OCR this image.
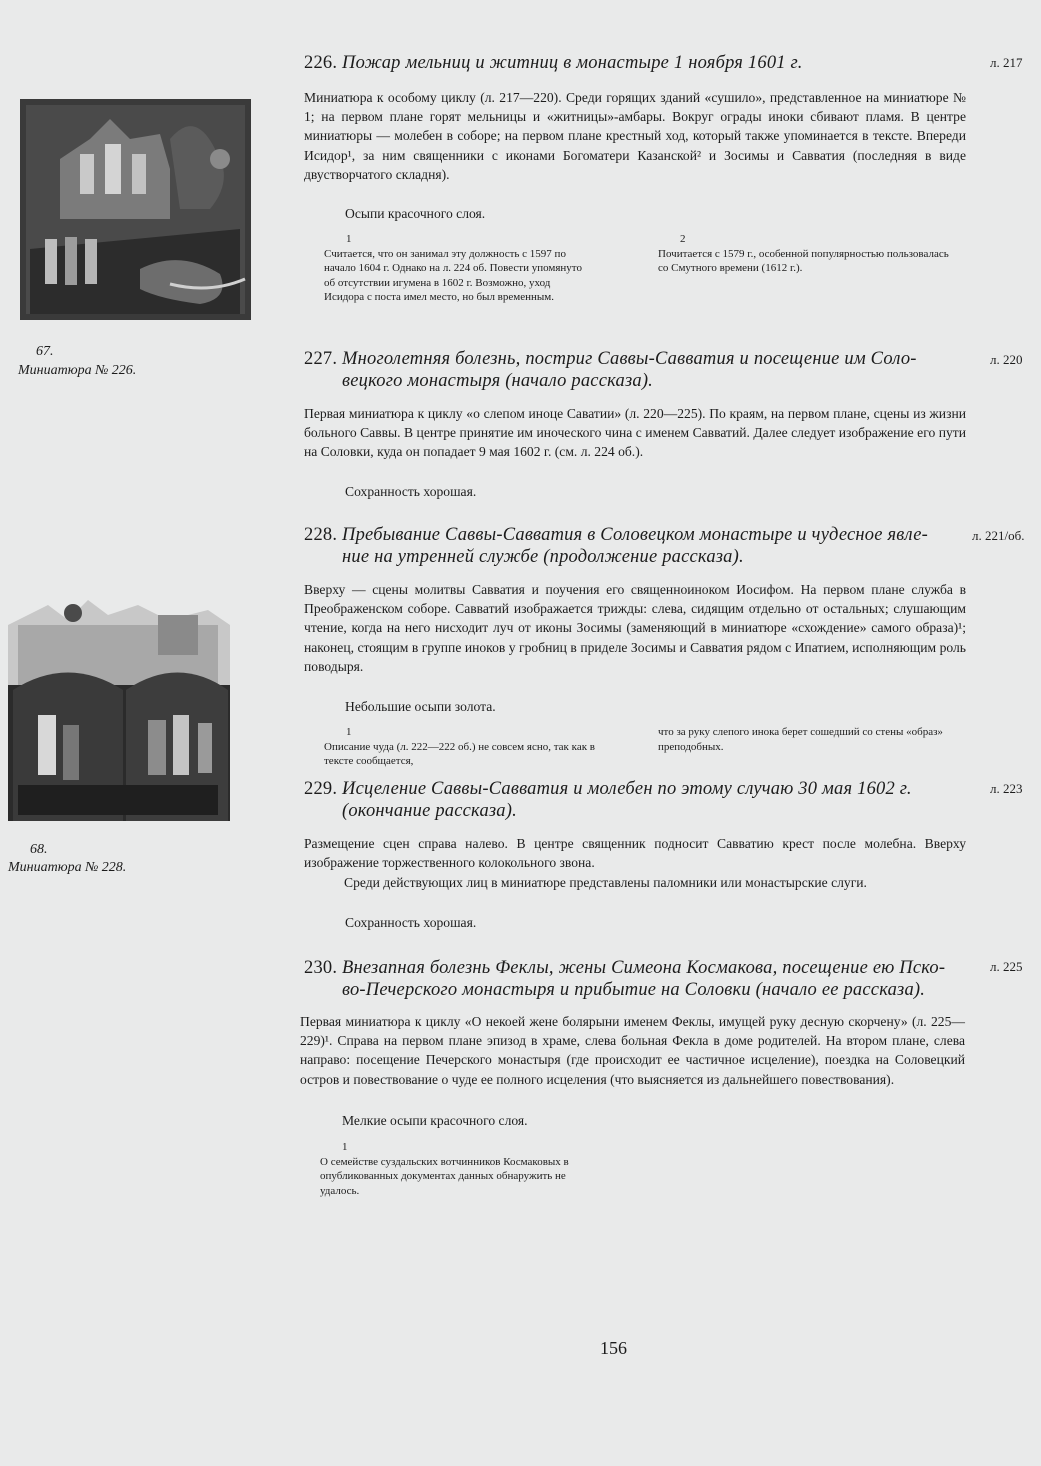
67.
Миниатюра № 226.
68.
Миниатюра № 228.
226. Пожар мельниц и житниц в монастыре 1 ноября 1601 г.	л. 217
Миниатюра к особому циклу (л. 217—220). Среди горящих зданий «сушило», представленное на миниатюре № 1; на первом плане горят мельницы и «житницы»-амбары. Вокруг ограды иноки сбивают пламя. В центре миниатюры — молебен в соборе; на первом плане крестный ход, который также упоминается в тексте. Впереди Исидор¹, за ним священники с иконами Богоматери Казанской² и Зосимы и Савватия (последняя в виде двустворчатого складня).
Осыпи красочного слоя.
1
Считается, что он занимал эту должность с 1597 по начало 1604 г. Однако на л. 224 об. Повести упомянуто об отсутствии игумена в 1602 г. Возможно, уход Исидора с поста имел место, но был временным.
2
Почитается с 1579 г., особенной популярностью пользовалась со Смутного времени (1612 г.).
227. Многолетняя болезнь, постриг Саввы-Савватия и посещение им Соло-
вецкого монастыря (начало рассказа).
л. 220
Первая миниатюра к циклу «о слепом иноце Саватии» (л. 220—225). По краям, на первом плане, сцены из жизни больного Саввы. В центре принятие им иноческого чина с именем Савватий. Далее следует изображение его пути на Соловки, куда он попадает 9 мая 1602 г. (см. л. 224 об.).
Сохранность хорошая.
228. Пребывание Саввы-Савватия в Соловецком монастыре и чудесное явле-
ние на утренней службе (продолжение рассказа).
л. 221/об.
Вверху — сцены молитвы Савватия и поучения его священноиноком Иосифом. На первом плане служба в Преображенском соборе. Савватий изображается трижды: слева, сидящим отдельно от остальных; слушающим чтение, когда на него нисходит луч от иконы Зосимы (заменяющий в миниатюре «схождение» самого образа)¹; наконец, стоящим в группе иноков у гробниц в приделе Зосимы и Савватия рядом с Ипатием, исполняющим роль поводыря.
Небольшие осыпи золота.
1
Описание чуда (л. 222—222 об.) не совсем ясно, так как в тексте сообщается,
что за руку слепого инока берет сошедший со стены «образ» преподобных.
229. Исцеление Саввы-Савватия и молебен по этому случаю 30 мая 1602 г.
(окончание рассказа).
л. 223
Размещение сцен справа налево. В центре священник подносит Савватию крест после молебна. Вверху изображение торжественного колокольного звона.
Среди действующих лиц в миниатюре представлены паломники или монастырские слуги.
Сохранность хорошая.
230. Внезапная болезнь Феклы, жены Симеона Космакова, посещение ею Пско-
во-Печерского монастыря и прибытие на Соловки (начало ее рассказа).
л. 225
Первая миниатюра к циклу «О некоей жене болярыни именем Феклы, имущей руку десную скорчену» (л. 225—229)¹. Справа на первом плане эпизод в храме, слева больная Фекла в доме родителей. На втором плане, слева направо: посещение Печерского монастыря (где происходит ее частичное исцеление), поездка на Соловецкий остров и повествование о чуде ее полного исцеления (что выясняется из дальнейшего повествования).
Мелкие осыпи красочного слоя.
1
О семействе суздальских вотчинников Космаковых в опубликованных документах данных обнаружить не удалось.
156
